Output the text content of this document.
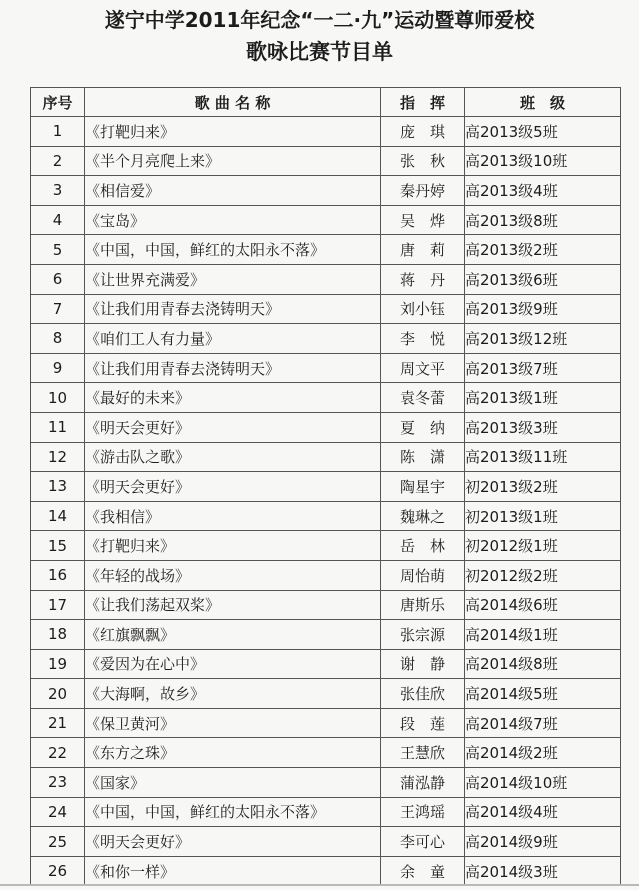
遂宁中学2011年纪念“一二·九”运动暨尊师爱校
歌咏比赛节目单
序号	歌 曲 名 称	指　挥	班　级
1	《打靶归来》	庞　琪	高2013级5班
2	《半个月亮爬上来》	张　秋	高2013级10班
3	《相信爱》	秦丹婷	高2013级4班
4	《宝岛》	吴　烨	高2013级8班
5	《中国，中国，鲜红的太阳永不落》	唐　莉	高2013级2班
6	《让世界充满爱》	蒋　丹	高2013级6班
7	《让我们用青春去浇铸明天》	刘小钰	高2013级9班
8	《咱们工人有力量》	李　悦	高2013级12班
9	《让我们用青春去浇铸明天》	周文平	高2013级7班
10	《最好的未来》	袁冬蕾	高2013级1班
11	《明天会更好》	夏　纳	高2013级3班
12	《游击队之歌》	陈　潇	高2013级11班
13	《明天会更好》	陶星宇	初2013级2班
14	《我相信》	魏琳之	初2013级1班
15	《打靶归来》	岳　林	初2012级1班
16	《年轻的战场》	周怡萌	初2012级2班
17	《让我们荡起双桨》	唐斯乐	高2014级6班
18	《红旗飘飘》	张宗源	高2014级1班
19	《爱因为在心中》	谢　静	高2014级8班
20	《大海啊，故乡》	张佳欣	高2014级5班
21	《保卫黄河》	段　莲	高2014级7班
22	《东方之珠》	王慧欣	高2014级2班
23	《国家》	蒲泓静	高2014级10班
24	《中国，中国，鲜红的太阳永不落》	王鸿瑶	高2014级4班
25	《明天会更好》	李可心	高2014级9班
26	《和你一样》	余　童	高2014级3班
